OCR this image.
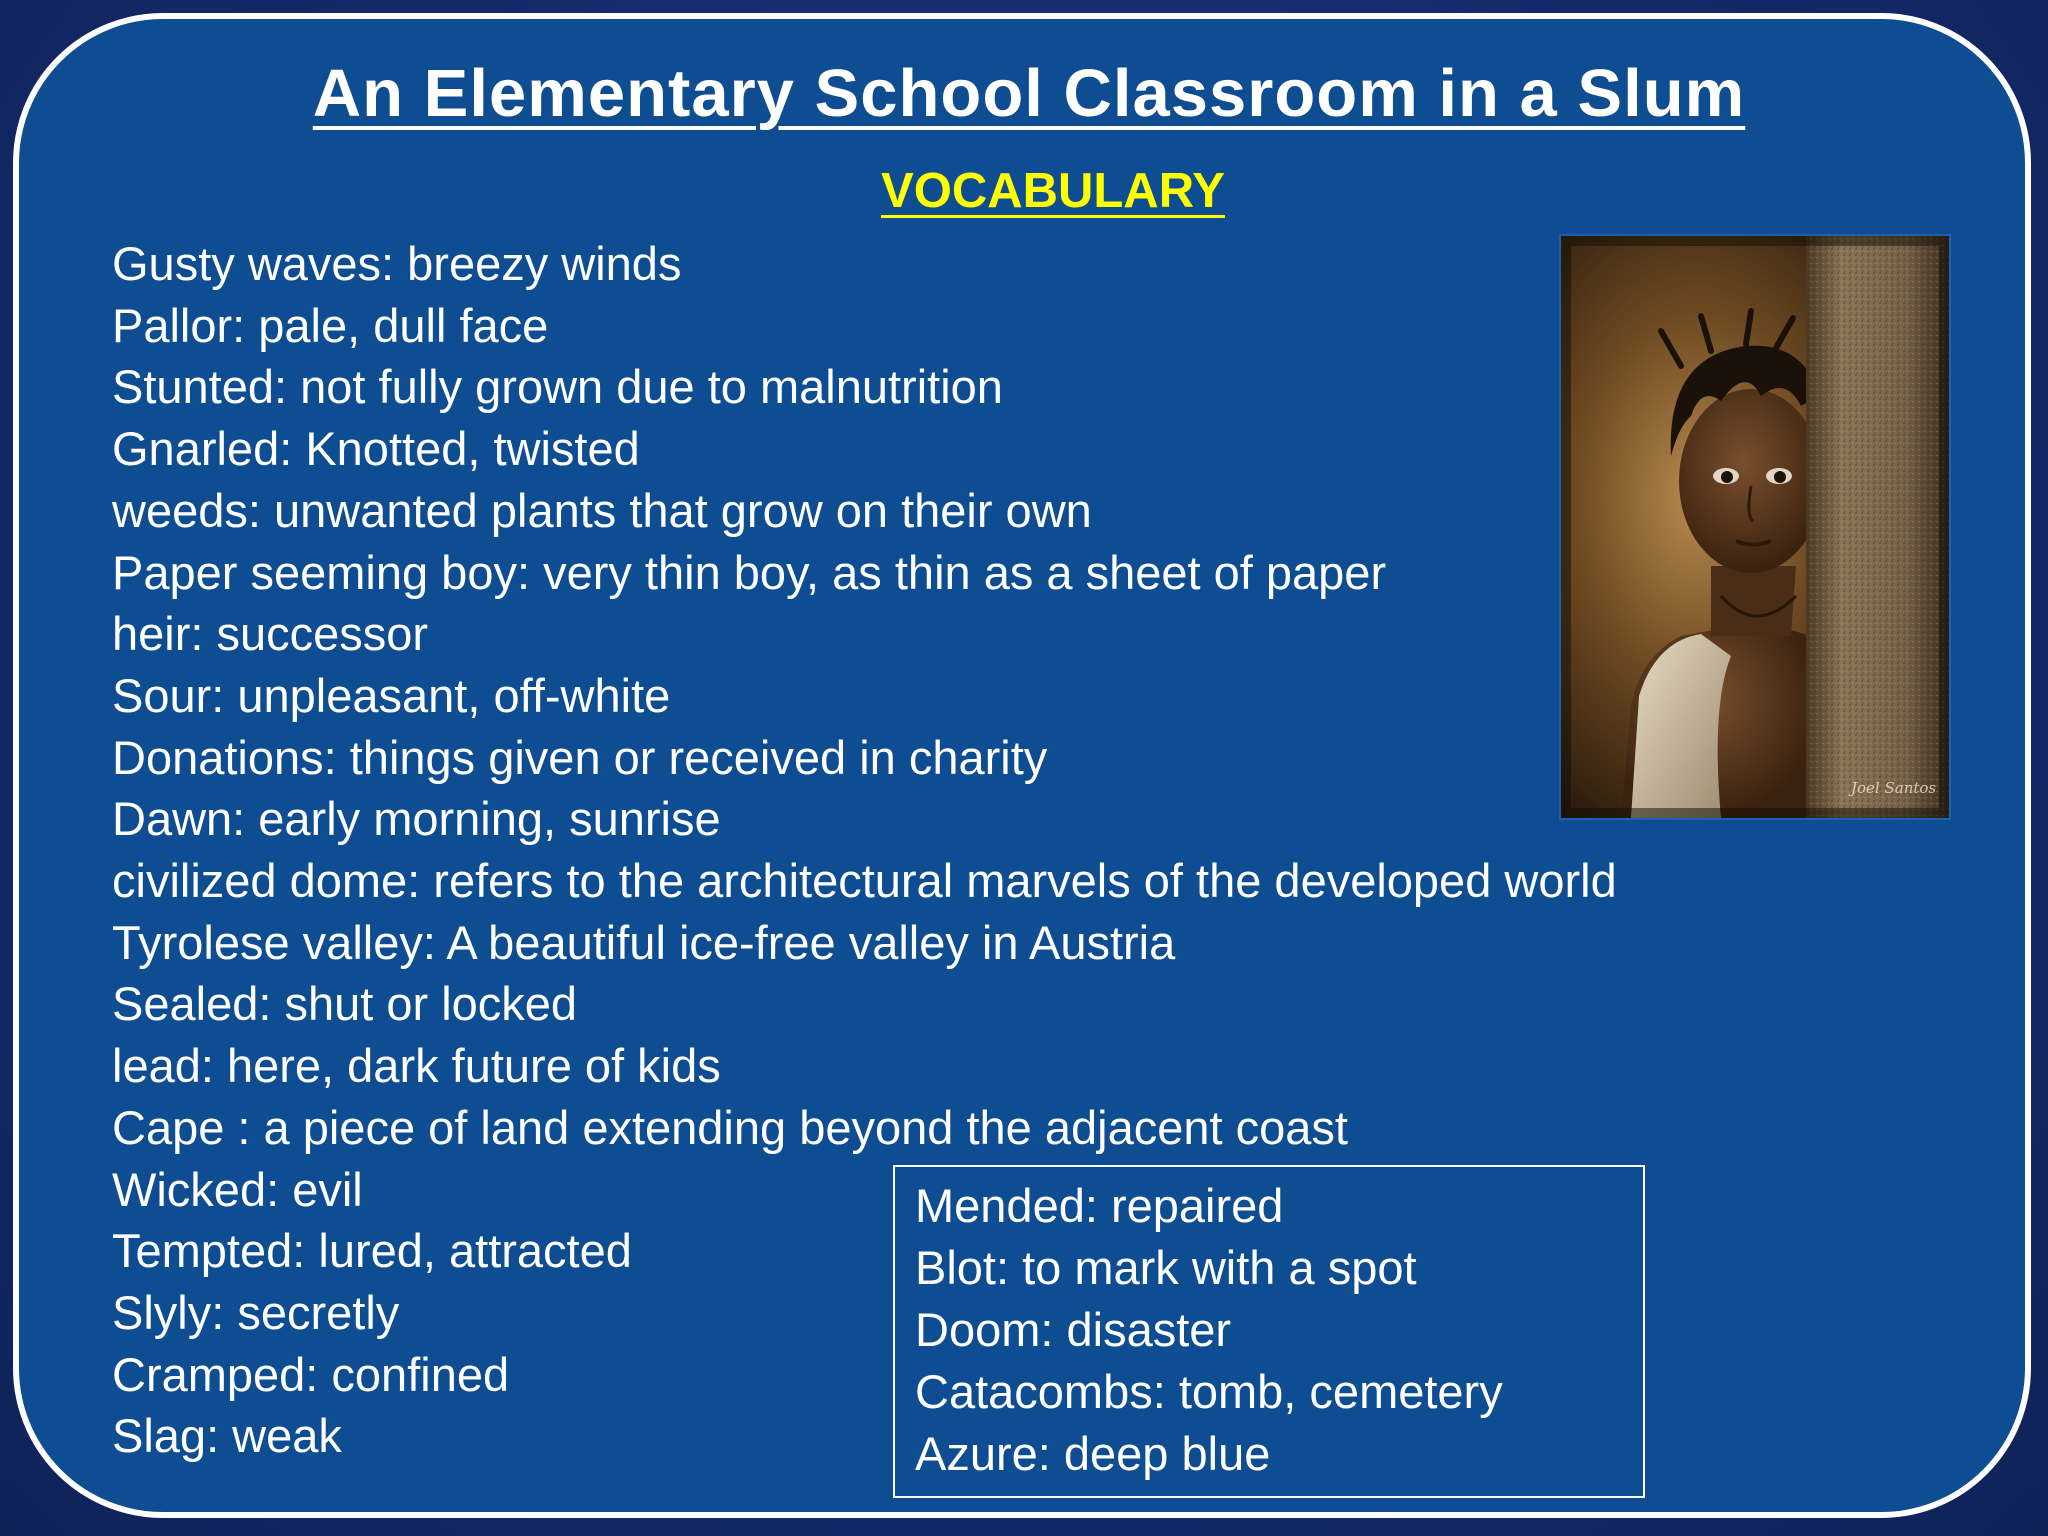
An Elementary School Classroom in a Slum
VOCABULARY
Gusty waves: breezy winds
Pallor: pale, dull face
Stunted: not fully grown due to malnutrition
Gnarled: Knotted, twisted
weeds: unwanted plants that grow on their own
Paper seeming boy: very thin boy, as thin as a sheet of paper
heir: successor
Sour: unpleasant, off-white
Donations: things given or received in charity
Dawn: early morning, sunrise
civilized dome: refers to the architectural marvels of the developed world
Tyrolese valley: A beautiful ice-free valley in Austria
Sealed: shut or locked
lead: here, dark future of kids
Cape : a piece of land extending beyond the adjacent coast
Wicked: evil
Tempted: lured, attracted
Slyly: secretly
Cramped: confined
Slag: weak
Joel Santos
Mended: repaired
Blot: to mark with a spot
Doom: disaster
Catacombs: tomb, cemetery
Azure: deep blue
